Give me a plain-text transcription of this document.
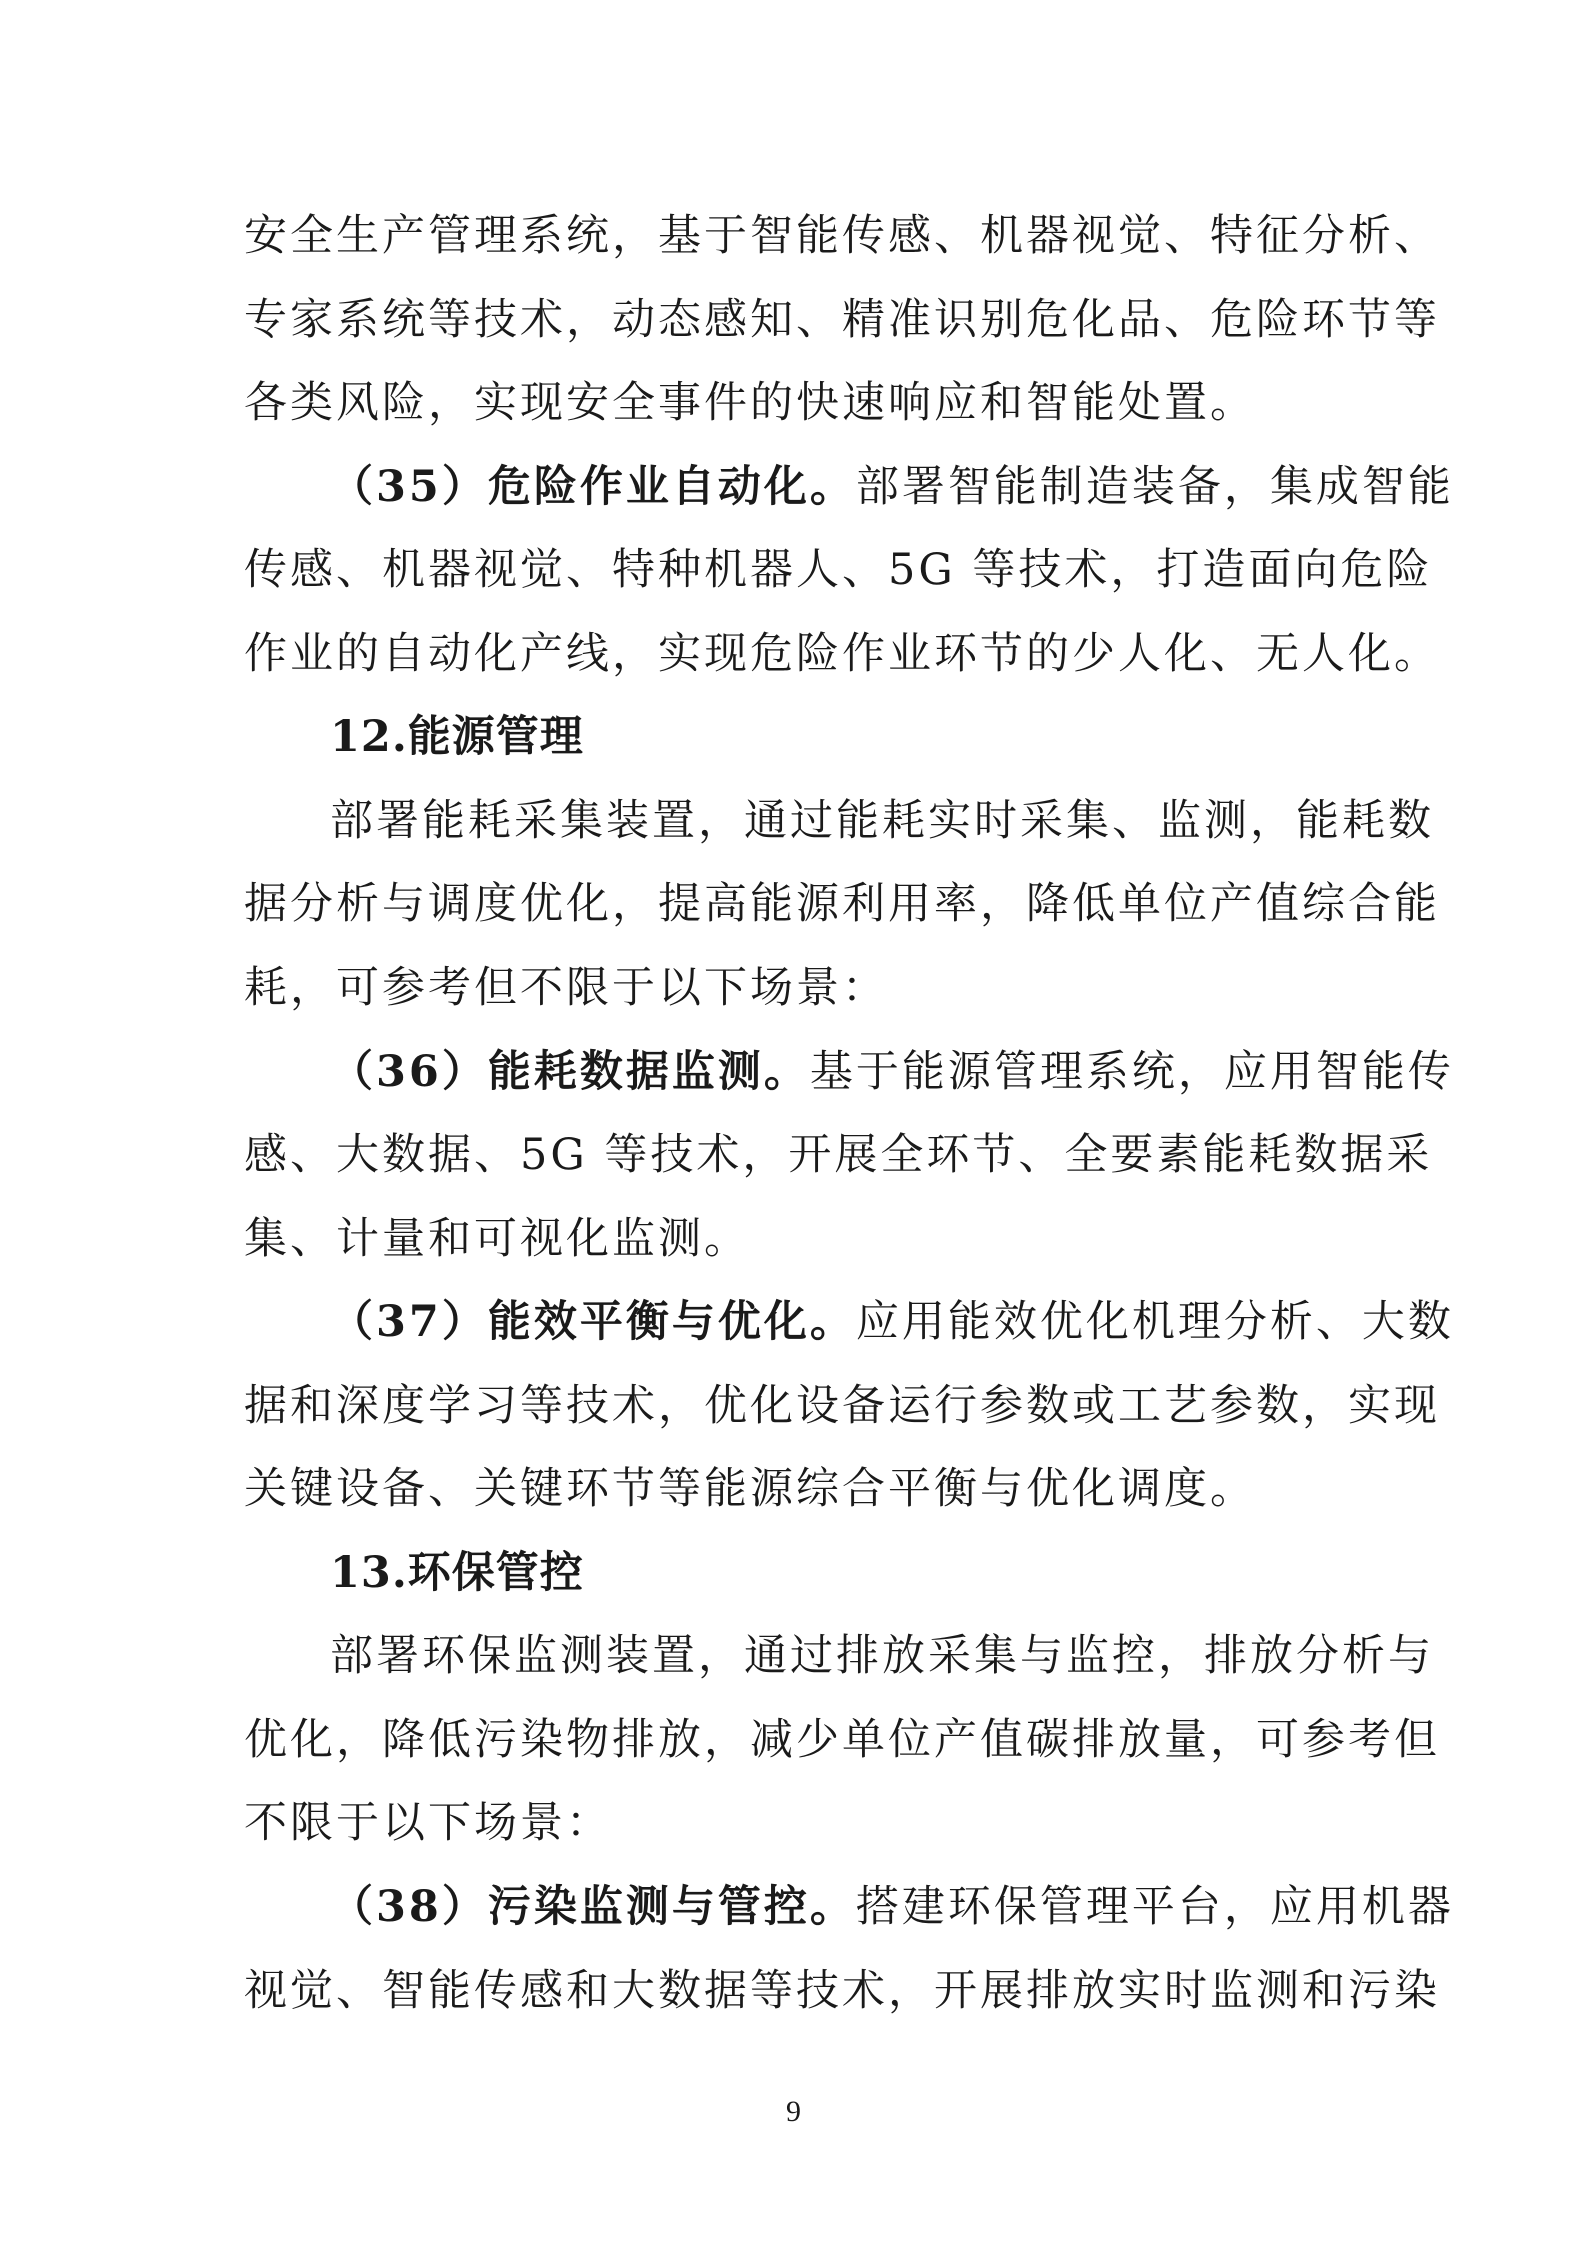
安全生产管理系统，基于智能传感、机器视觉、特征分析、
专家系统等技术，动态感知、精准识别危化品、危险环节等
各类风险，实现安全事件的快速响应和智能处置。
（35）危险作业自动化。部署智能制造装备，集成智能
传感、机器视觉、特种机器人、5G 等技术，打造面向危险
作业的自动化产线，实现危险作业环节的少人化、无人化。
12.能源管理
部署能耗采集装置，通过能耗实时采集、监测，能耗数
据分析与调度优化，提高能源利用率，降低单位产值综合能
耗，可参考但不限于以下场景：
（36）能耗数据监测。基于能源管理系统，应用智能传
感、大数据、5G 等技术，开展全环节、全要素能耗数据采
集、计量和可视化监测。
（37）能效平衡与优化。应用能效优化机理分析、大数
据和深度学习等技术，优化设备运行参数或工艺参数，实现
关键设备、关键环节等能源综合平衡与优化调度。
13.环保管控
部署环保监测装置，通过排放采集与监控，排放分析与
优化，降低污染物排放，减少单位产值碳排放量，可参考但
不限于以下场景：
（38）污染监测与管控。搭建环保管理平台，应用机器
视觉、智能传感和大数据等技术，开展排放实时监测和污染
9
